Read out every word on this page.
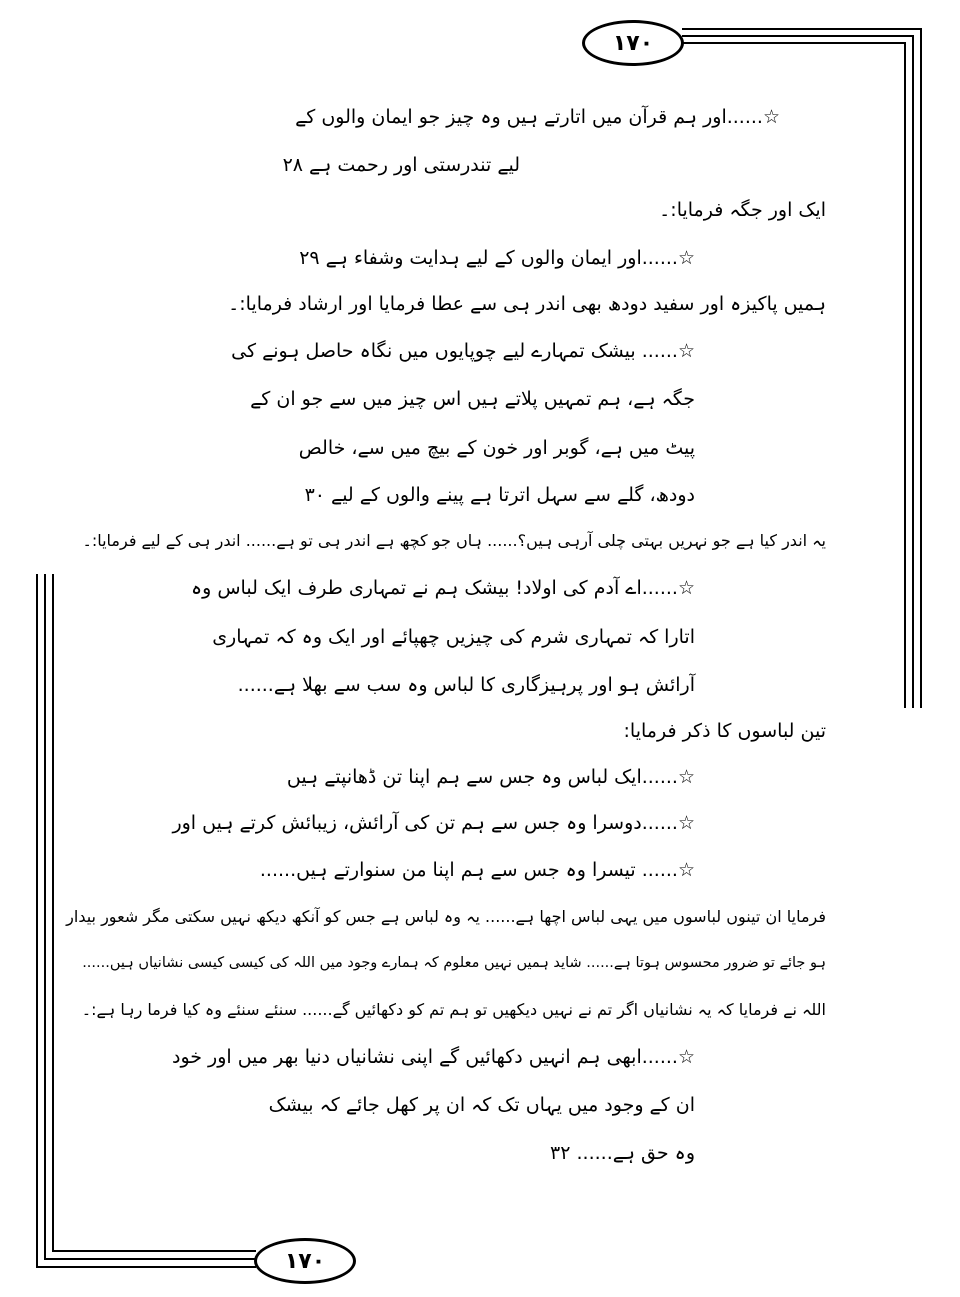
١٧٠
١٧٠
☆......اور ہم قرآن میں اتارتے ہیں وہ چیز جو ایمان والوں کے
لیے تندرستی اور رحمت ہے ۲۸
ایک اور جگہ فرمایا:۔
☆......اور ایمان والوں کے لیے ہدایت وشفاء ہے ۲۹
ہمیں پاکیزہ اور سفید دودھ بھی اندر ہی سے عطا فرمایا اور ارشاد فرمایا:۔
☆...... بیشک تمہارے لیے چوپایوں میں نگاہ حاصل ہونے کی
جگہ ہے، ہم تمہیں پلاتے ہیں اس چیز میں سے جو ان کے
پیٹ میں ہے، گوبر اور خون کے بیچ میں سے، خالص
دودھ، گلے سے سہل اترتا ہے پینے والوں کے لیے ۳۰
یہ اندر کیا ہے جو نہریں بہتی چلی آرہی ہیں؟...... ہاں جو کچھ ہے اندر ہی تو ہے...... اندر ہی کے لیے فرمایا:۔
☆......اے آدم کی اولاد! بیشک ہم نے تمہاری طرف ایک لباس وہ
اتارا کہ تمہاری شرم کی چیزیں چھپائے اور ایک وہ کہ تمہاری
آرائش ہو اور پرہیزگاری کا لباس وہ سب سے بھلا ہے......
تین لباسوں کا ذکر فرمایا:
☆......ایک لباس وہ جس سے ہم اپنا تن ڈھانپتے ہیں
☆......دوسرا وہ جس سے ہم تن کی آرائش، زیبائش کرتے ہیں اور
☆...... تیسرا وہ جس سے ہم اپنا من سنوارتے ہیں......
فرمایا ان تینوں لباسوں میں یہی لباس اچھا ہے...... یہ وہ لباس ہے جس کو آنکھ دیکھ نہیں سکتی مگر شعور بیدار
ہو جائے تو ضرور محسوس ہوتا ہے...... شاید ہمیں نہیں معلوم کہ ہمارے وجود میں اللہ کی کیسی کیسی نشانیاں ہیں......
اللہ نے فرمایا کہ یہ نشانیاں اگر تم نے نہیں دیکھیں تو ہم تم کو دکھائیں گے...... سنئے سنئے وہ کیا فرما رہا ہے:۔
☆......ابھی ہم انہیں دکھائیں گے اپنی نشانیاں دنیا بھر میں اور خود
ان کے وجود میں یہاں تک کہ ان پر کھل جائے کہ بیشک
وہ حق ہے...... ۳۲
